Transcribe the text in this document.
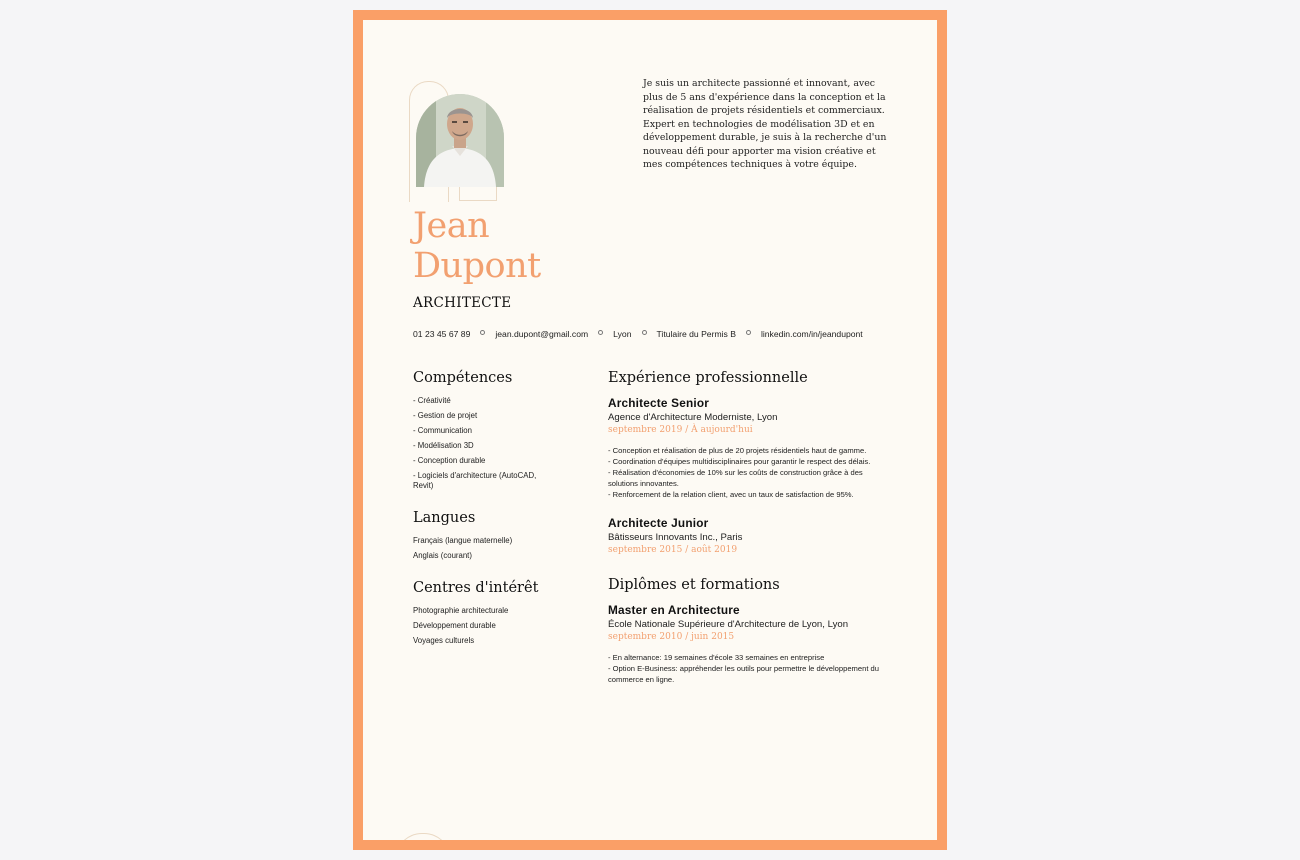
Je suis un architecte passionné et innovant, avec plus de 5 ans d'expérience dans la conception et la réalisation de projets résidentiels et commerciaux. Expert en technologies de modélisation 3D et en développement durable, je suis à la recherche d'un nouveau défi pour apporter ma vision créative et mes compétences techniques à votre équipe.
Jean
Dupont
ARCHITECTE
01 23 45 67 89	jean.dupont@gmail.com	Lyon	Titulaire du Permis B	linkedin.com/in/jeandupont
Compétences
- Créativité
- Gestion de projet
- Communication
- Modélisation 3D
- Conception durable
- Logiciels d'architecture (AutoCAD, Revit)
Langues
Français (langue maternelle)
Anglais (courant)
Centres d'intérêt
Photographie architecturale
Développement durable
Voyages culturels
Expérience professionnelle
Architecte Senior
Agence d'Architecture Moderniste, Lyon
septembre 2019 / À aujourd'hui
- Conception et réalisation de plus de 20 projets résidentiels haut de gamme.
- Coordination d'équipes multidisciplinaires pour garantir le respect des délais.
- Réalisation d'économies de 10% sur les coûts de construction grâce à des solutions innovantes.
- Renforcement de la relation client, avec un taux de satisfaction de 95%.
Architecte Junior
Bâtisseurs Innovants Inc., Paris
septembre 2015 / août 2019
Diplômes et formations
Master en Architecture
École Nationale Supérieure d'Architecture de Lyon, Lyon
septembre 2010 / juin 2015
- En alternance: 19 semaines d'école 33 semaines en entreprise
- Option E-Business: appréhender les outils pour permettre le développement du commerce en ligne.
